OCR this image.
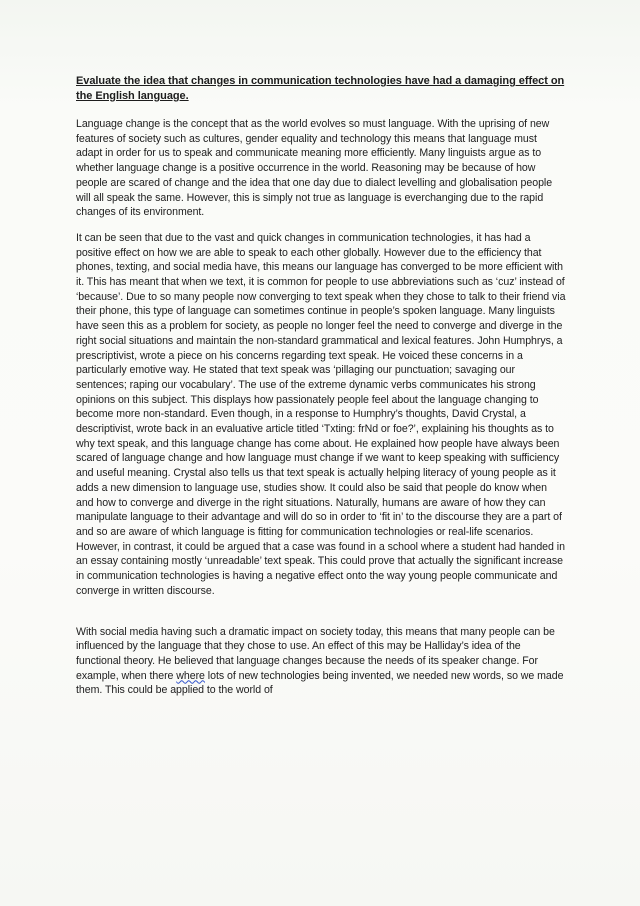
Evaluate the idea that changes in communication technologies have had a damaging effect on the English language.
Language change is the concept that as the world evolves so must language. With the uprising of new features of society such as cultures, gender equality and technology this means that language must adapt in order for us to speak and communicate meaning more efficiently. Many linguists argue as to whether language change is a positive occurrence in the world. Reasoning may be because of how people are scared of change and the idea that one day due to dialect levelling and globalisation people will all speak the same. However, this is simply not true as language is everchanging due to the rapid changes of its environment.
It can be seen that due to the vast and quick changes in communication technologies, it has had a positive effect on how we are able to speak to each other globally. However due to the efficiency that phones, texting, and social media have, this means our language has converged to be more efficient with it. This has meant that when we text, it is common for people to use abbreviations such as ‘cuz’ instead of ‘because’. Due to so many people now converging to text speak when they chose to talk to their friend via their phone, this type of language can sometimes continue in people’s spoken language. Many linguists have seen this as a problem for society, as people no longer feel the need to converge and diverge in the right social situations and maintain the non-standard grammatical and lexical features. John Humphrys, a prescriptivist, wrote a piece on his concerns regarding text speak. He voiced these concerns in a particularly emotive way. He stated that text speak was ‘pillaging our punctuation; savaging our sentences; raping our vocabulary’. The use of the extreme dynamic verbs communicates his strong opinions on this subject. This displays how passionately people feel about the language changing to become more non-standard. Even though, in a response to Humphry’s thoughts, David Crystal, a descriptivist, wrote back in an evaluative article titled ‘Txting: frNd or foe?’, explaining his thoughts as to why text speak, and this language change has come about. He explained how people have always been scared of language change and how language must change if we want to keep speaking with sufficiency and useful meaning. Crystal also tells us that text speak is actually helping literacy of young people as it adds a new dimension to language use, studies show. It could also be said that people do know when and how to converge and diverge in the right situations. Naturally, humans are aware of how they can manipulate language to their advantage and will do so in order to ‘fit in’ to the discourse they are a part of and so are aware of which language is fitting for communication technologies or real-life scenarios. However, in contrast, it could be argued that a case was found in a school where a student had handed in an essay containing mostly ‘unreadable’ text speak. This could prove that actually the significant increase in communication technologies is having a negative effect onto the way young people communicate and converge in written discourse.
With social media having such a dramatic impact on society today, this means that many people can be influenced by the language that they chose to use. An effect of this may be Halliday’s idea of the functional theory. He believed that language changes because the needs of its speaker change. For example, when there where lots of new technologies being invented, we needed new words, so we made them. This could be applied to the world of
